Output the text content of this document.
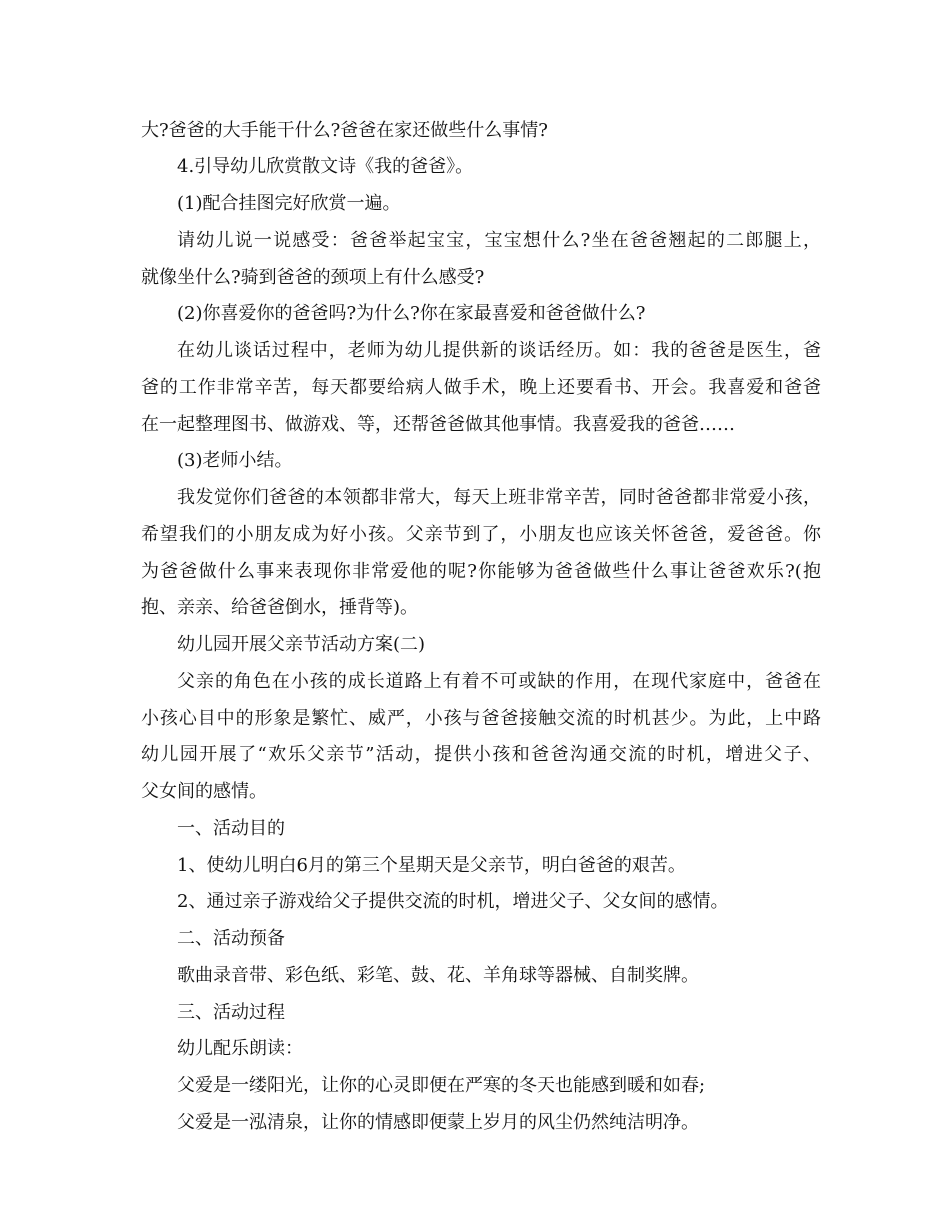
大?爸爸的大手能干什么?爸爸在家还做些什么事情?
4.引导幼儿欣赏散文诗《我的爸爸》。
(1)配合挂图完好欣赏一遍。
请幼儿说一说感受：爸爸举起宝宝，宝宝想什么?坐在爸爸翘起的二郎腿上，
就像坐什么?骑到爸爸的颈项上有什么感受?
(2)你喜爱你的爸爸吗?为什么?你在家最喜爱和爸爸做什么?
在幼儿谈话过程中，老师为幼儿提供新的谈话经历。如：我的爸爸是医生，爸
爸的工作非常辛苦，每天都要给病人做手术，晚上还要看书、开会。我喜爱和爸爸
在一起整理图书、做游戏、等，还帮爸爸做其他事情。我喜爱我的爸爸……
(3)老师小结。
我发觉你们爸爸的本领都非常大，每天上班非常辛苦，同时爸爸都非常爱小孩，
希望我们的小朋友成为好小孩。父亲节到了，小朋友也应该关怀爸爸，爱爸爸。你
为爸爸做什么事来表现你非常爱他的呢?你能够为爸爸做些什么事让爸爸欢乐?(抱
抱、亲亲、给爸爸倒水，捶背等)。
幼儿园开展父亲节活动方案(二)
父亲的角色在小孩的成长道路上有着不可或缺的作用，在现代家庭中，爸爸在
小孩心目中的形象是繁忙、威严，小孩与爸爸接触交流的时机甚少。为此，上中路
幼儿园开展了“欢乐父亲节”活动，提供小孩和爸爸沟通交流的时机，增进父子、
父女间的感情。
一、活动目的
1、使幼儿明白6月的第三个星期天是父亲节，明白爸爸的艰苦。
2、通过亲子游戏给父子提供交流的时机，增进父子、父女间的感情。
二、活动预备
歌曲录音带、彩色纸、彩笔、鼓、花、羊角球等器械、自制奖牌。
三、活动过程
幼儿配乐朗读：
父爱是一缕阳光，让你的心灵即便在严寒的冬天也能感到暖和如春;
父爱是一泓清泉，让你的情感即便蒙上岁月的风尘仍然纯洁明净。
